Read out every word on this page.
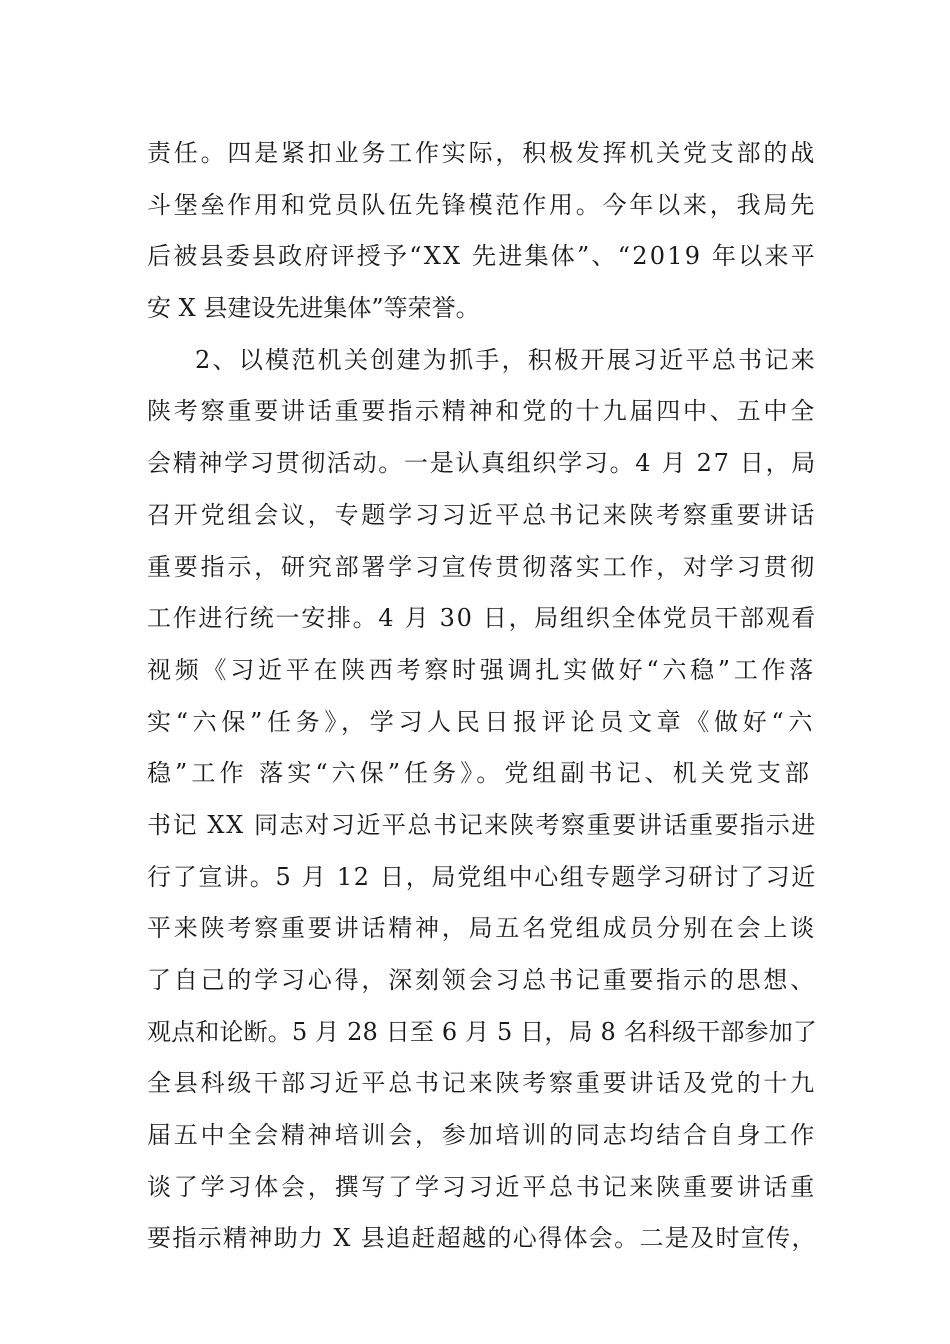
责任。四是紧扣业务工作实际，积极发挥机关党支部的战
斗堡垒作用和党员队伍先锋模范作用。今年以来，我局先
后被县委县政府评授予“XX 先进集体”、“2019 年以来平
安 X 县建设先进集体”等荣誉。
2、以模范机关创建为抓手，积极开展习近平总书记来
陕考察重要讲话重要指示精神和党的十九届四中、五中全
会精神学习贯彻活动。一是认真组织学习。4 月 27 日，局
召开党组会议，专题学习习近平总书记来陕考察重要讲话
重要指示，研究部署学习宣传贯彻落实工作，对学习贯彻
工作进行统一安排。4 月 30 日，局组织全体党员干部观看
视频《习近平在陕西考察时强调扎实做好“六稳”工作落
实“六保”任务》，学习人民日报评论员文章《做好“六
稳”工作 落实“六保”任务》。党组副书记、机关党支部
书记 XX 同志对习近平总书记来陕考察重要讲话重要指示进
行了宣讲。5 月 12 日，局党组中心组专题学习研讨了习近
平来陕考察重要讲话精神，局五名党组成员分别在会上谈
了自己的学习心得，深刻领会习总书记重要指示的思想、
观点和论断。5 月 28 日至 6 月 5 日，局 8 名科级干部参加了
全县科级干部习近平总书记来陕考察重要讲话及党的十九
届五中全会精神培训会，参加培训的同志均结合自身工作
谈了学习体会，撰写了学习习近平总书记来陕重要讲话重
要指示精神助力 X 县追赶超越的心得体会。二是及时宣传，
